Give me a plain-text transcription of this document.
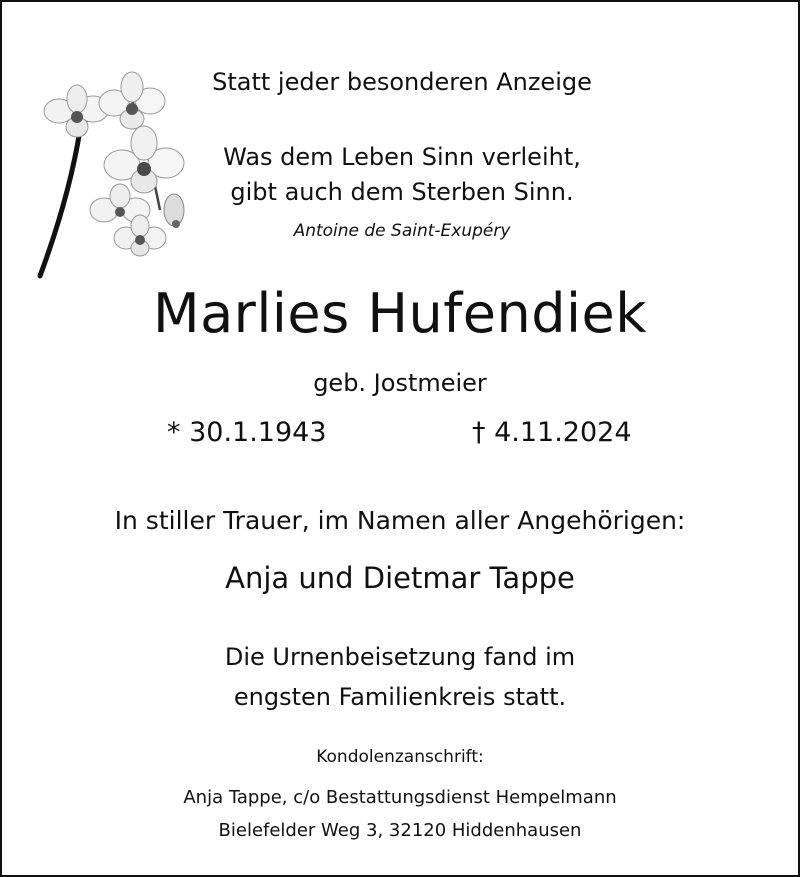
Statt jeder besonderen Anzeige
Was dem Leben Sinn verleiht,
gibt auch dem Sterben Sinn.
Antoine de Saint-Exupéry
Marlies Hufendiek
geb. Jostmeier
* 30.1.1943	† 4.11.2024
In stiller Trauer, im Namen aller Angehörigen:
Anja und Dietmar Tappe
Die Urnenbeisetzung fand im
engsten Familienkreis statt.
Kondolenzanschrift:
Anja Tappe, c/o Bestattungsdienst Hempelmann
Bielefelder Weg 3, 32120 Hiddenhausen
